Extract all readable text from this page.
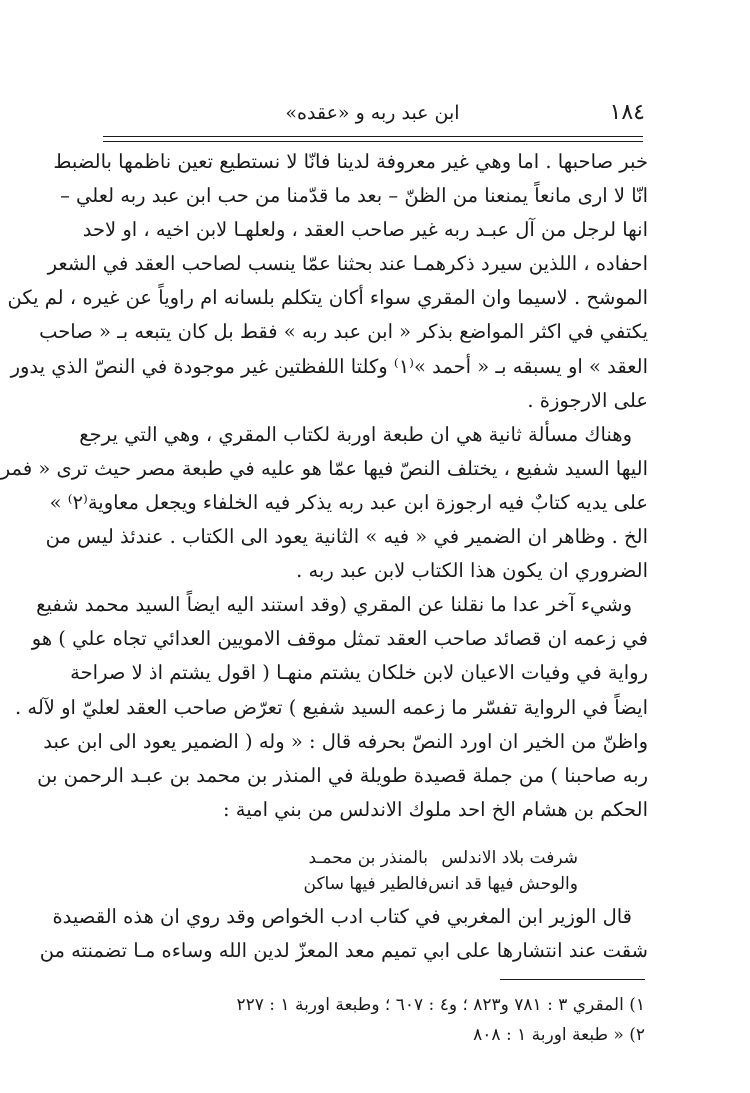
١٨٤
ابن عبد ربه و «عقده»

خبر صاحبها . اما وهي غير معروفة لدينا فانّا لا نستطيع تعين ناظمها بالضبط
انّا لا اری مانعاً يمنعنا من الظنّ – بعد ما قدّمنا من حب ابن عبد ربه لعلي –
انها لرجل من آل عبـد ربه غير صاحب العقد ، ولعلهـا لابن اخيه ، او لاحد
احفاده ، اللذين سيرد ذكرهمـا عند بحثنا عمّا ينسب لصاحب العقد في الشعر
الموشح . لاسيما وان المقري سواء أكان يتكلم بلسانه ام راوياً عن غيره ، لم يكن
يكتفي في اكثر المواضع بذكر « ابن عبد ربه » فقط بل كان يتبعه بـ « صاحب
العقد » او يسبقه بـ « أحمد »⁽١⁾ وكلتا اللفظتين غير موجودة في النصّ الذي يدور
على الارجوزة .

وهناك مسألة ثانية هي ان طبعة اوربة لكتاب المقري ، وهي التي يرجع
اليها السيد شفيع ، يختلف النصّ فيها عمّا هو عليه في طبعة مصر حيث ترى « فمر
على يديه كتابٌ فيه ارجوزة ابن عبد ربه يذكر فيه الخلفاء ويجعل معاوية⁽٢⁾ »
الخ . وظاهر ان الضمير في « فيه » الثانية يعود الى الكتاب . عندئذ ليس من
الضروري ان يكون هذا الكتاب لابن عبد ربه .

وشيء آخر عدا ما نقلنا عن المقري (وقد استند اليه ايضاً السيد محمد شفيع
في زعمه ان قصائد صاحب العقد تمثل موقف الامويين العدائي تجاه علي ) هو
رواية في وفيات الاعيان لابن خلكان يشتم منهـا ( اقول يشتم اذ لا صراحة
ايضاً في الرواية تفسّر ما زعمه السيد شفيع ) تعرّض صاحب العقد لعليّ او لآله .
واظنّ من الخير ان اورد النصّ بحرفه قال : « وله ( الضمير يعود الى ابن عبد
ربه صاحبنا ) من جملة قصيدة طويلة في المنذر بن محمد بن عبـد الرحمن بن
الحكم بن هشام الخ احد ملوك الاندلس من بني امية :

بالمنذر بن محمـد شرفت بلاد الاندلس
فالطير فيها ساكن والوحش فيها قد انس

قال الوزير ابن المغربي في كتاب ادب الخواص وقد روي ان هذه القصيدة
شقت عند انتشارها على ابي تميم معد المعزّ لدين الله وساءه مـا تضمنته من

١) المقري ٣ : ٧٨١ و٨٢٣ ؛ و٤ : ٦٠٧ ؛ وطبعة اوربة ١ : ٢٢٧
٢) « طبعة اوربة ١ : ٨٠٨
